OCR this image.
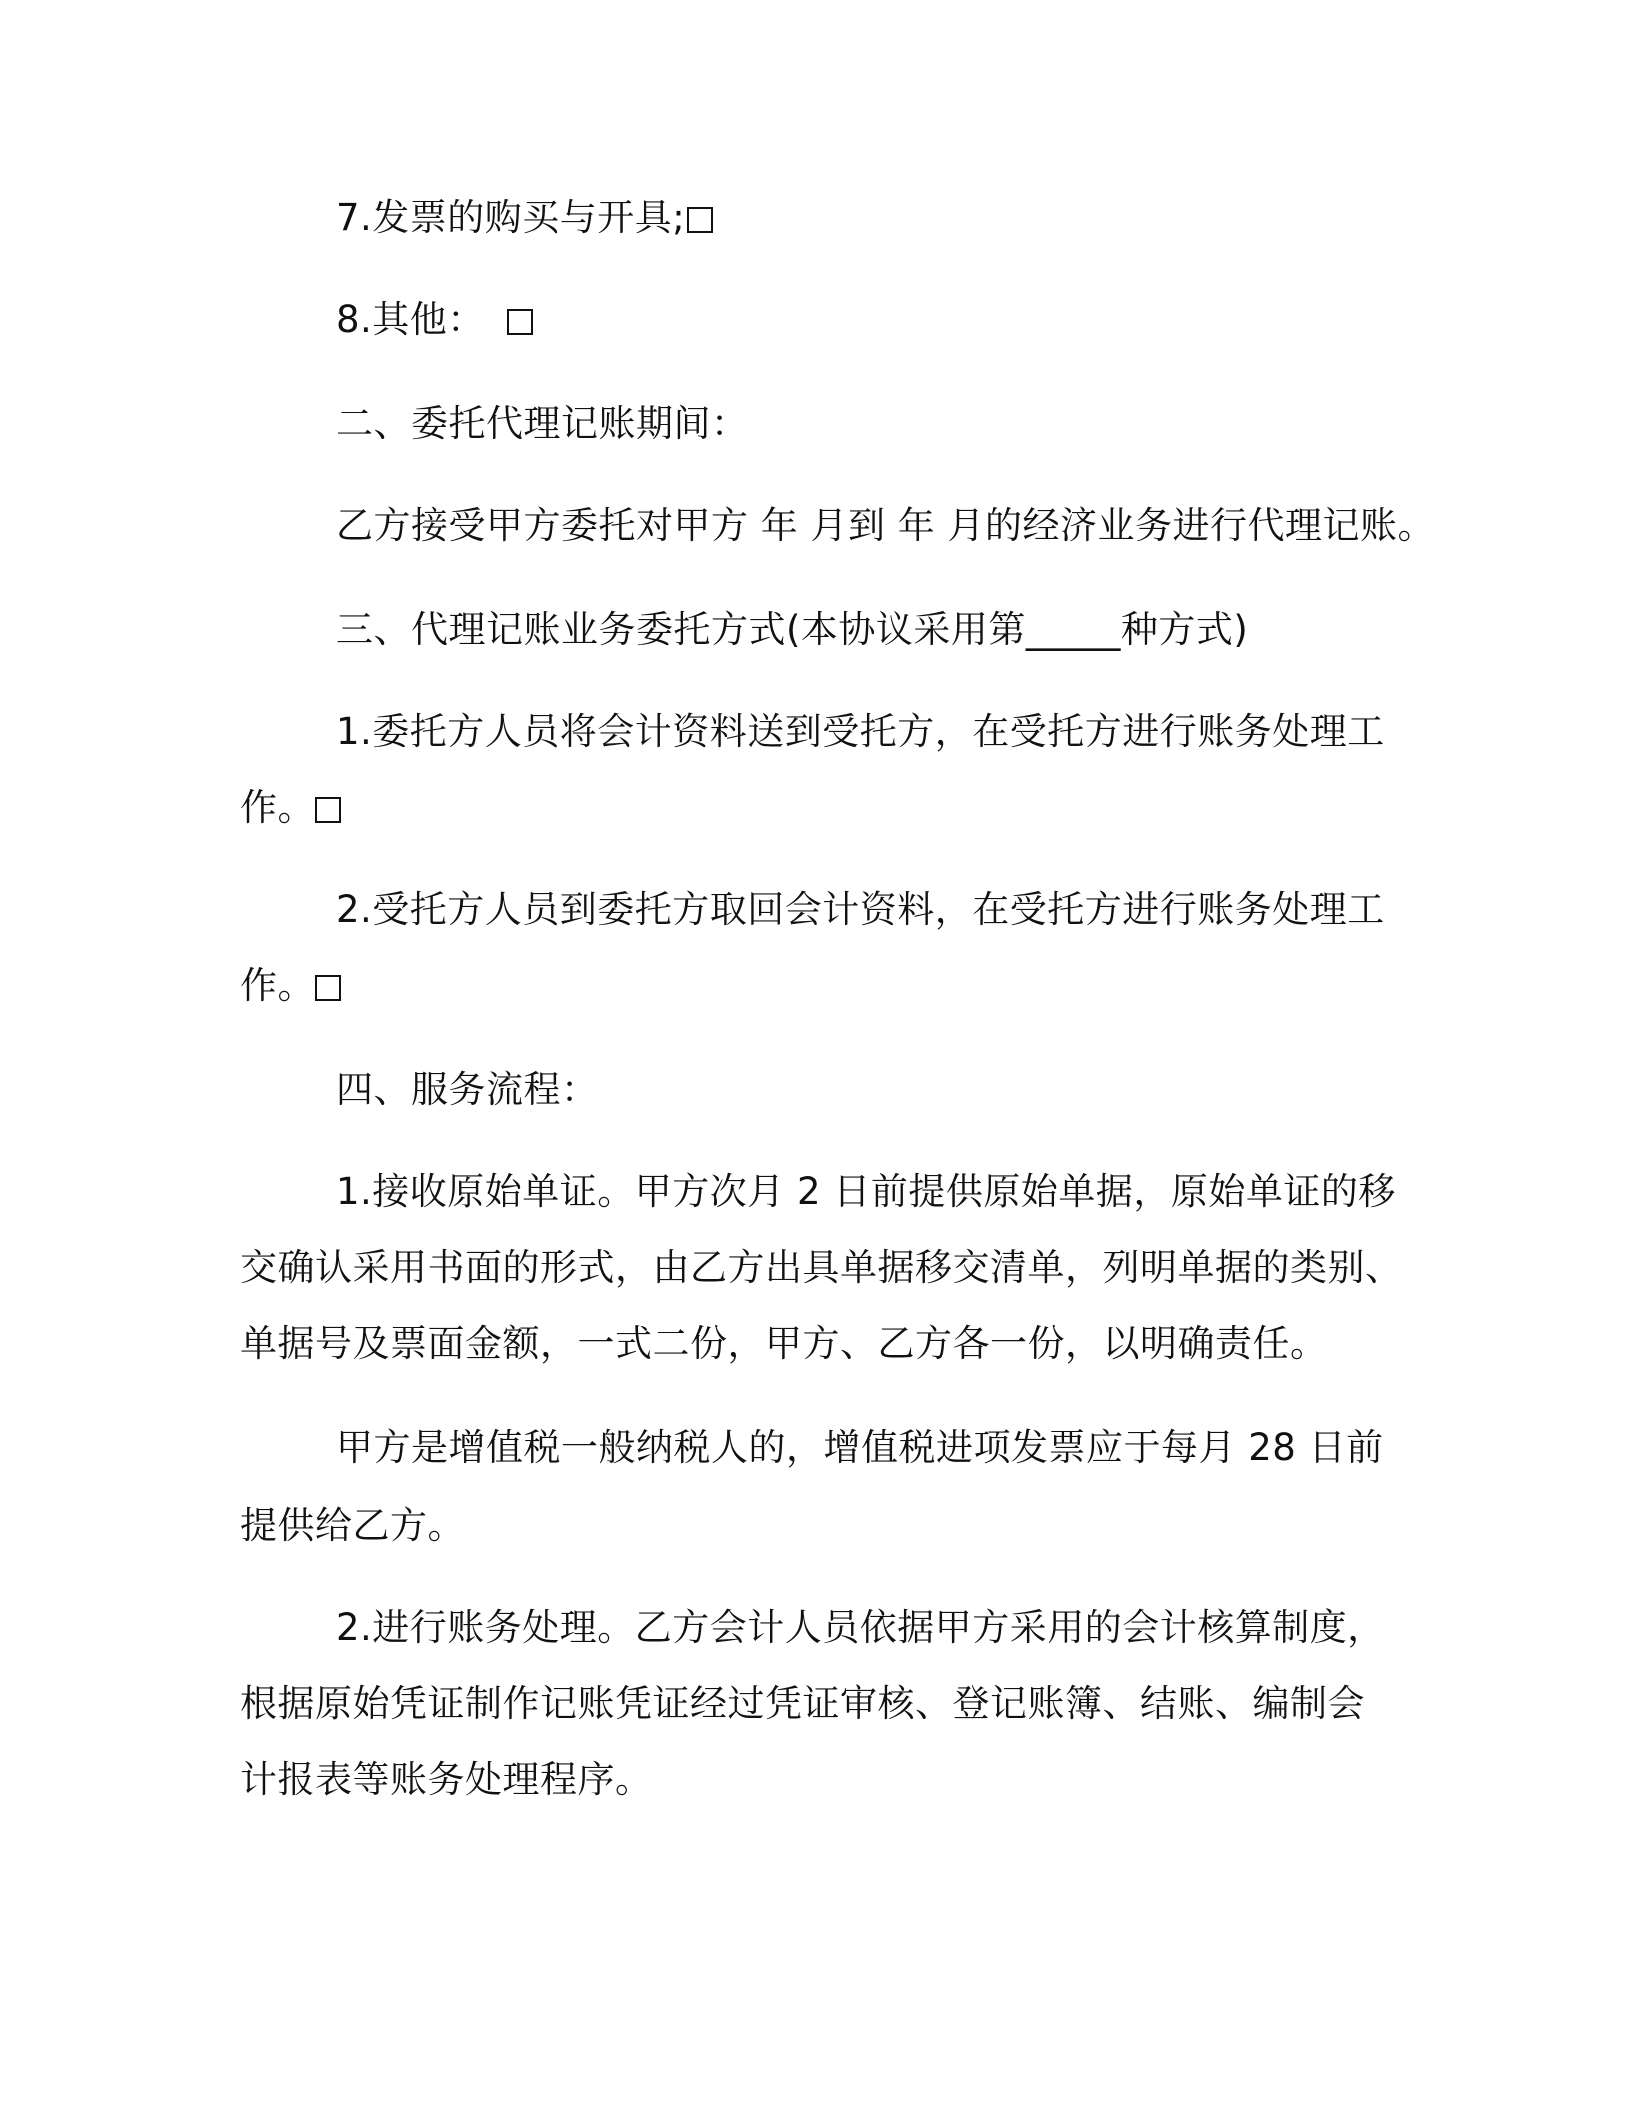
7.发票的购买与开具;
8.其他：
二、委托代理记账期间：
乙方接受甲方委托对甲方 年 月到 年 月的经济业务进行代理记账。
三、代理记账业务委托方式(本协议采用第_____种方式)
1.委托方人员将会计资料送到受托方，在受托方进行账务处理工
作。
2.受托方人员到委托方取回会计资料，在受托方进行账务处理工
作。
四、服务流程：
1.接收原始单证。甲方次月 2 日前提供原始单据，原始单证的移
交确认采用书面的形式，由乙方出具单据移交清单，列明单据的类别、
单据号及票面金额，一式二份，甲方、乙方各一份，以明确责任。
甲方是增值税一般纳税人的，增值税进项发票应于每月 28 日前
提供给乙方。
2.进行账务处理。乙方会计人员依据甲方采用的会计核算制度，
根据原始凭证制作记账凭证经过凭证审核、登记账簿、结账、编制会
计报表等账务处理程序。
